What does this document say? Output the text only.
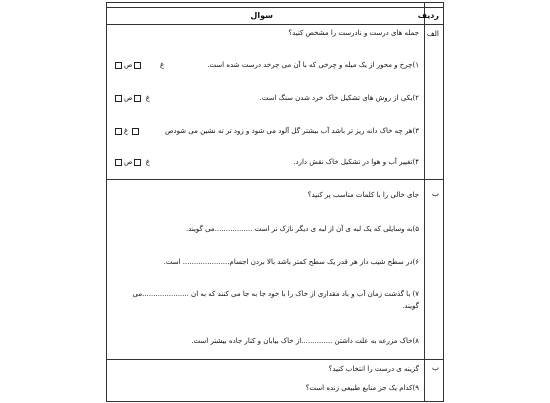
ردیف
سوال
الف
جمله های درست و نادرست را مشخص کنید؟
۱)چرخ و محور از یک میله و چرخی که با آن می چرخد درست شده است.
غ  ص
۲)یکی از روش های تشکیل خاک خرد شدن سنگ است.
غ ص
۳)هر چه خاک دانه ریز تر باشد آب بیشتر گل آلود می شود و زود تر ته نشین می شودص
غ
۴)تغییر آب و هوا در تشکیل خاک نقش دارد.
غ ص
ب
جای خالی را با کلمات مناسب پر کنید؟
۵)به وسایلی که یک لبه ی آن از لبه ی دیگر نازک تر است .................می گویند.
۶)در سطح شیب دار هر قدر یک سطح کمتر باشد بالا بردن اجسام..................... است.
۷) با گذشت زمان آب و باد مقداری از خاک را با خود جا به جا می کنند که به ان .....................می
گویند.
۸)خاک مزرعه به علت داشتن ..............از خاک بیابان و کنار جاده بیشتر است.
ب
گزینه ی درست را انتخاب کنید؟
۹)کدام یک جز منابع طبیعی زنده است؟
